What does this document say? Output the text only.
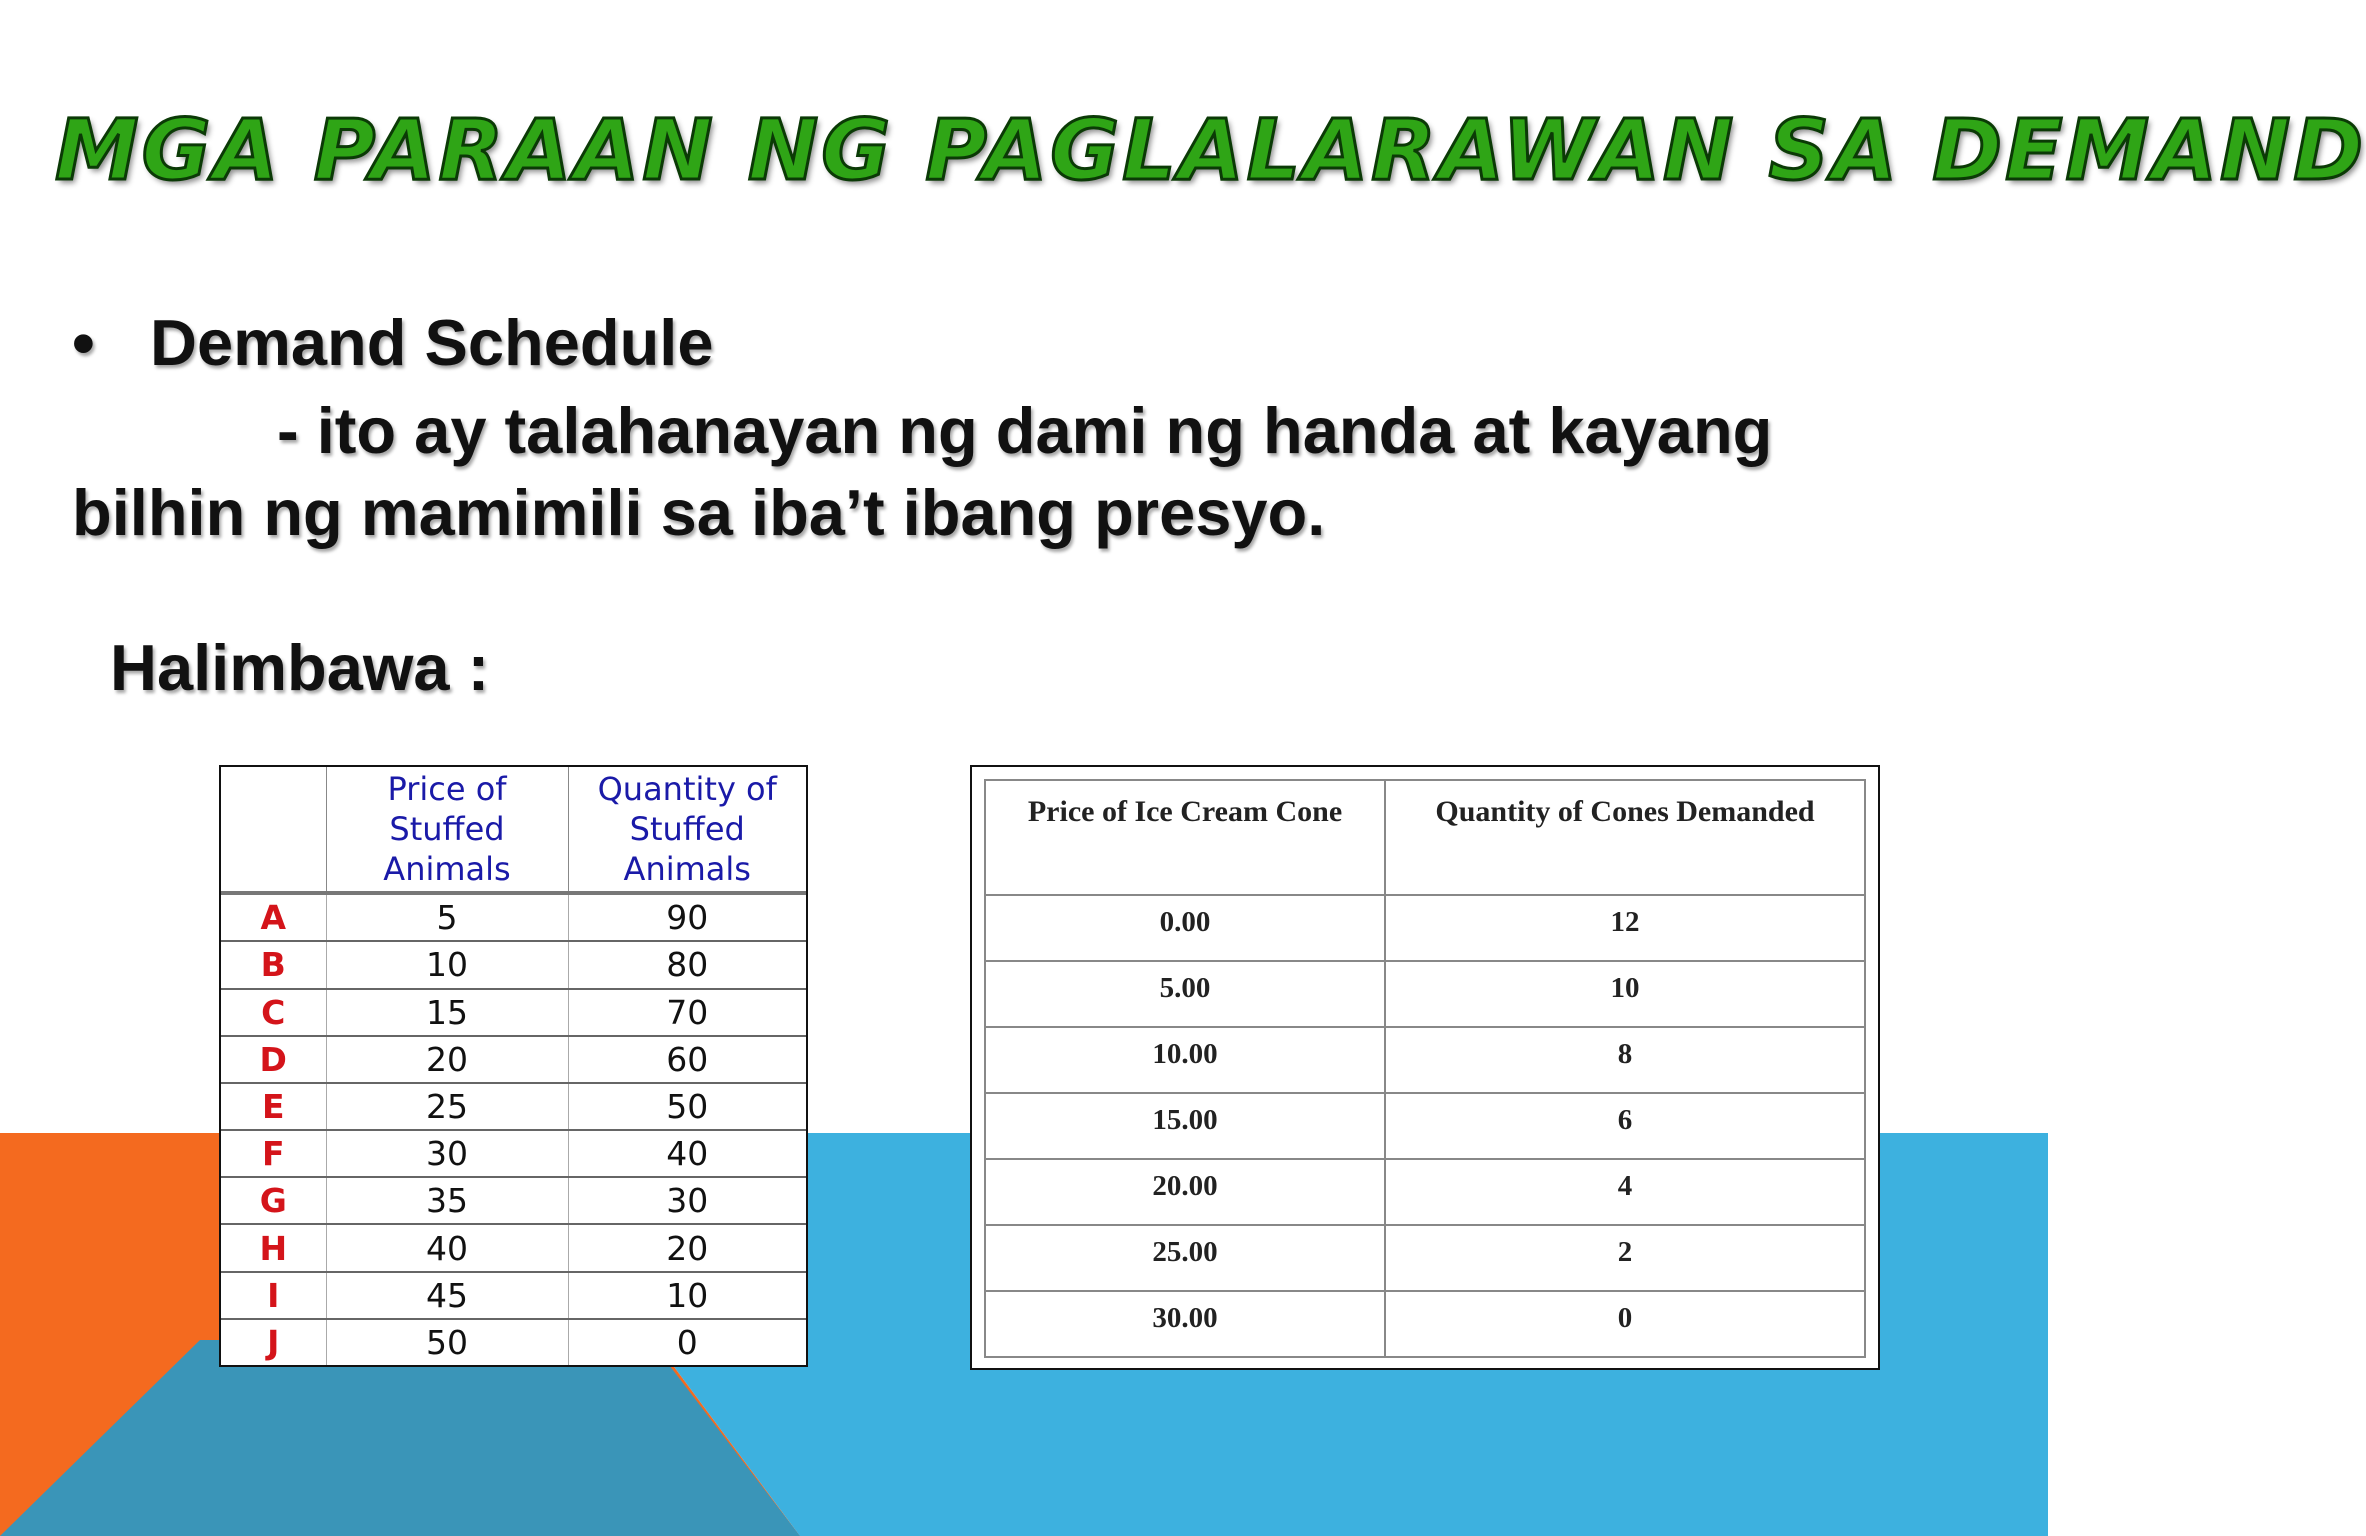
MGA PARAAN NG PAGLALARAWAN SA DEMAND

• Demand Schedule

- ito ay talahanayan ng dami ng handa at kayang
bilhin ng mamimili sa iba’t ibang presyo.

Halimbawa :

	Price of Stuffed Animals	Quantity of Stuffed Animals
A	5	90
B	10	80
C	15	70
D	20	60
E	25	50
F	30	40
G	35	30
H	40	20
I	45	10
J	50	0
Price of Ice Cream Cone	Quantity of Cones Demanded
0.00	12
5.00	10
10.00	8
15.00	6
20.00	4
25.00	2
30.00	0
